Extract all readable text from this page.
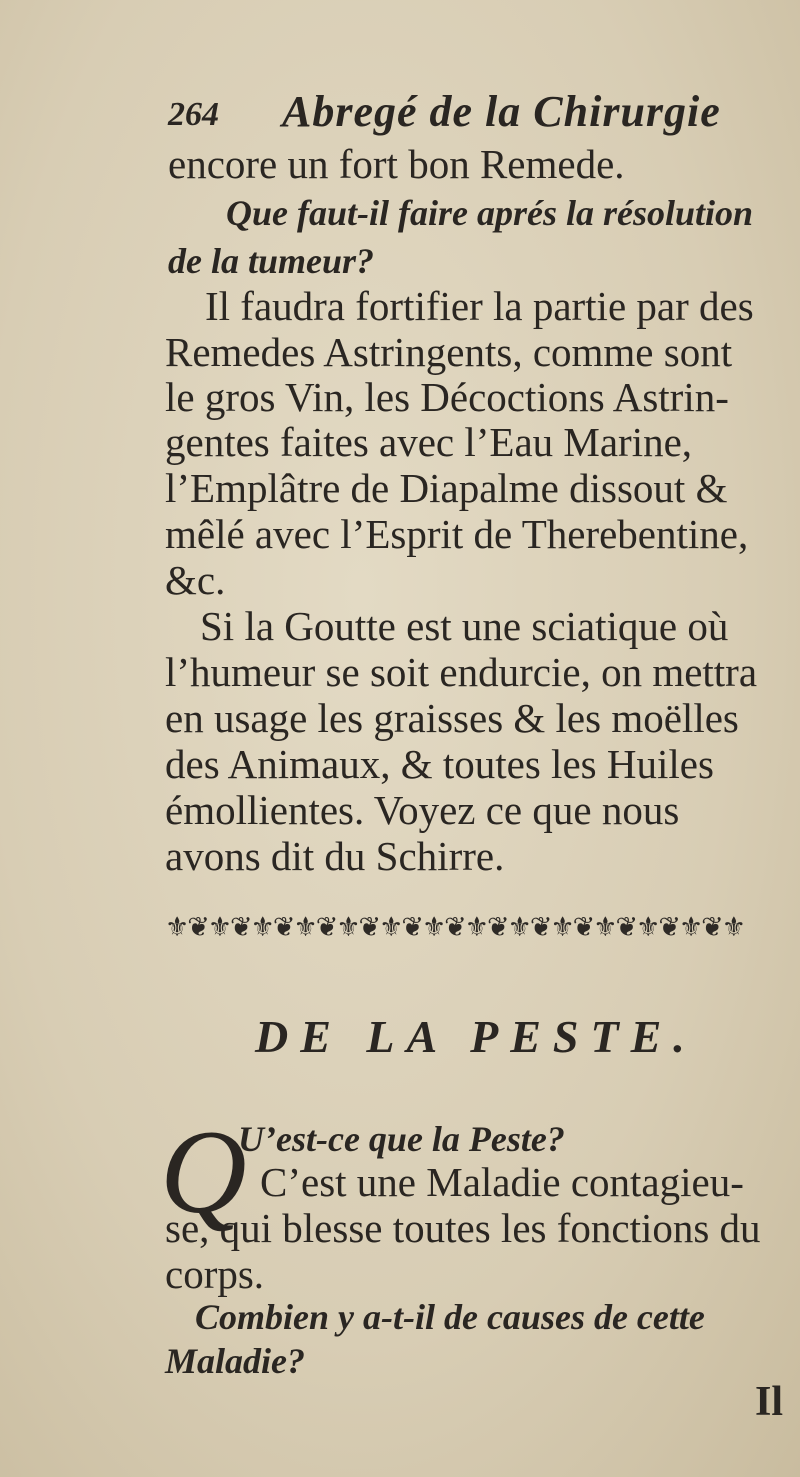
264 Abregé de la Chirurgie
encore un fort bon Remede.
Que faut-il faire aprés la résolution
de la tumeur?
Il faudra fortifier la partie par des
Remedes Astringents, comme sont
le gros Vin, les Décoctions Astrin-
gentes faites avec l’Eau Marine,
l’Emplâtre de Diapalme dissout &
mêlé avec l’Esprit de Therebentine,
&c.
Si la Goutte est une sciatique où
l’humeur se soit endurcie, on mettra
en usage les graisses & les moëlles
des Animaux, & toutes les Huiles
émollientes. Voyez ce que nous
avons dit du Schirre.
⚜❦⚜❦⚜❦⚜❦⚜❦⚜❦⚜❦⚜❦⚜❦⚜❦⚜❦⚜❦⚜❦⚜
DE LA PESTE.
Q
U’est-ce que la Peste?
C’est une Maladie contagieu-
se, qui blesse toutes les fonctions du
corps.
Combien y a-t-il de causes de cette
Maladie?
Il
